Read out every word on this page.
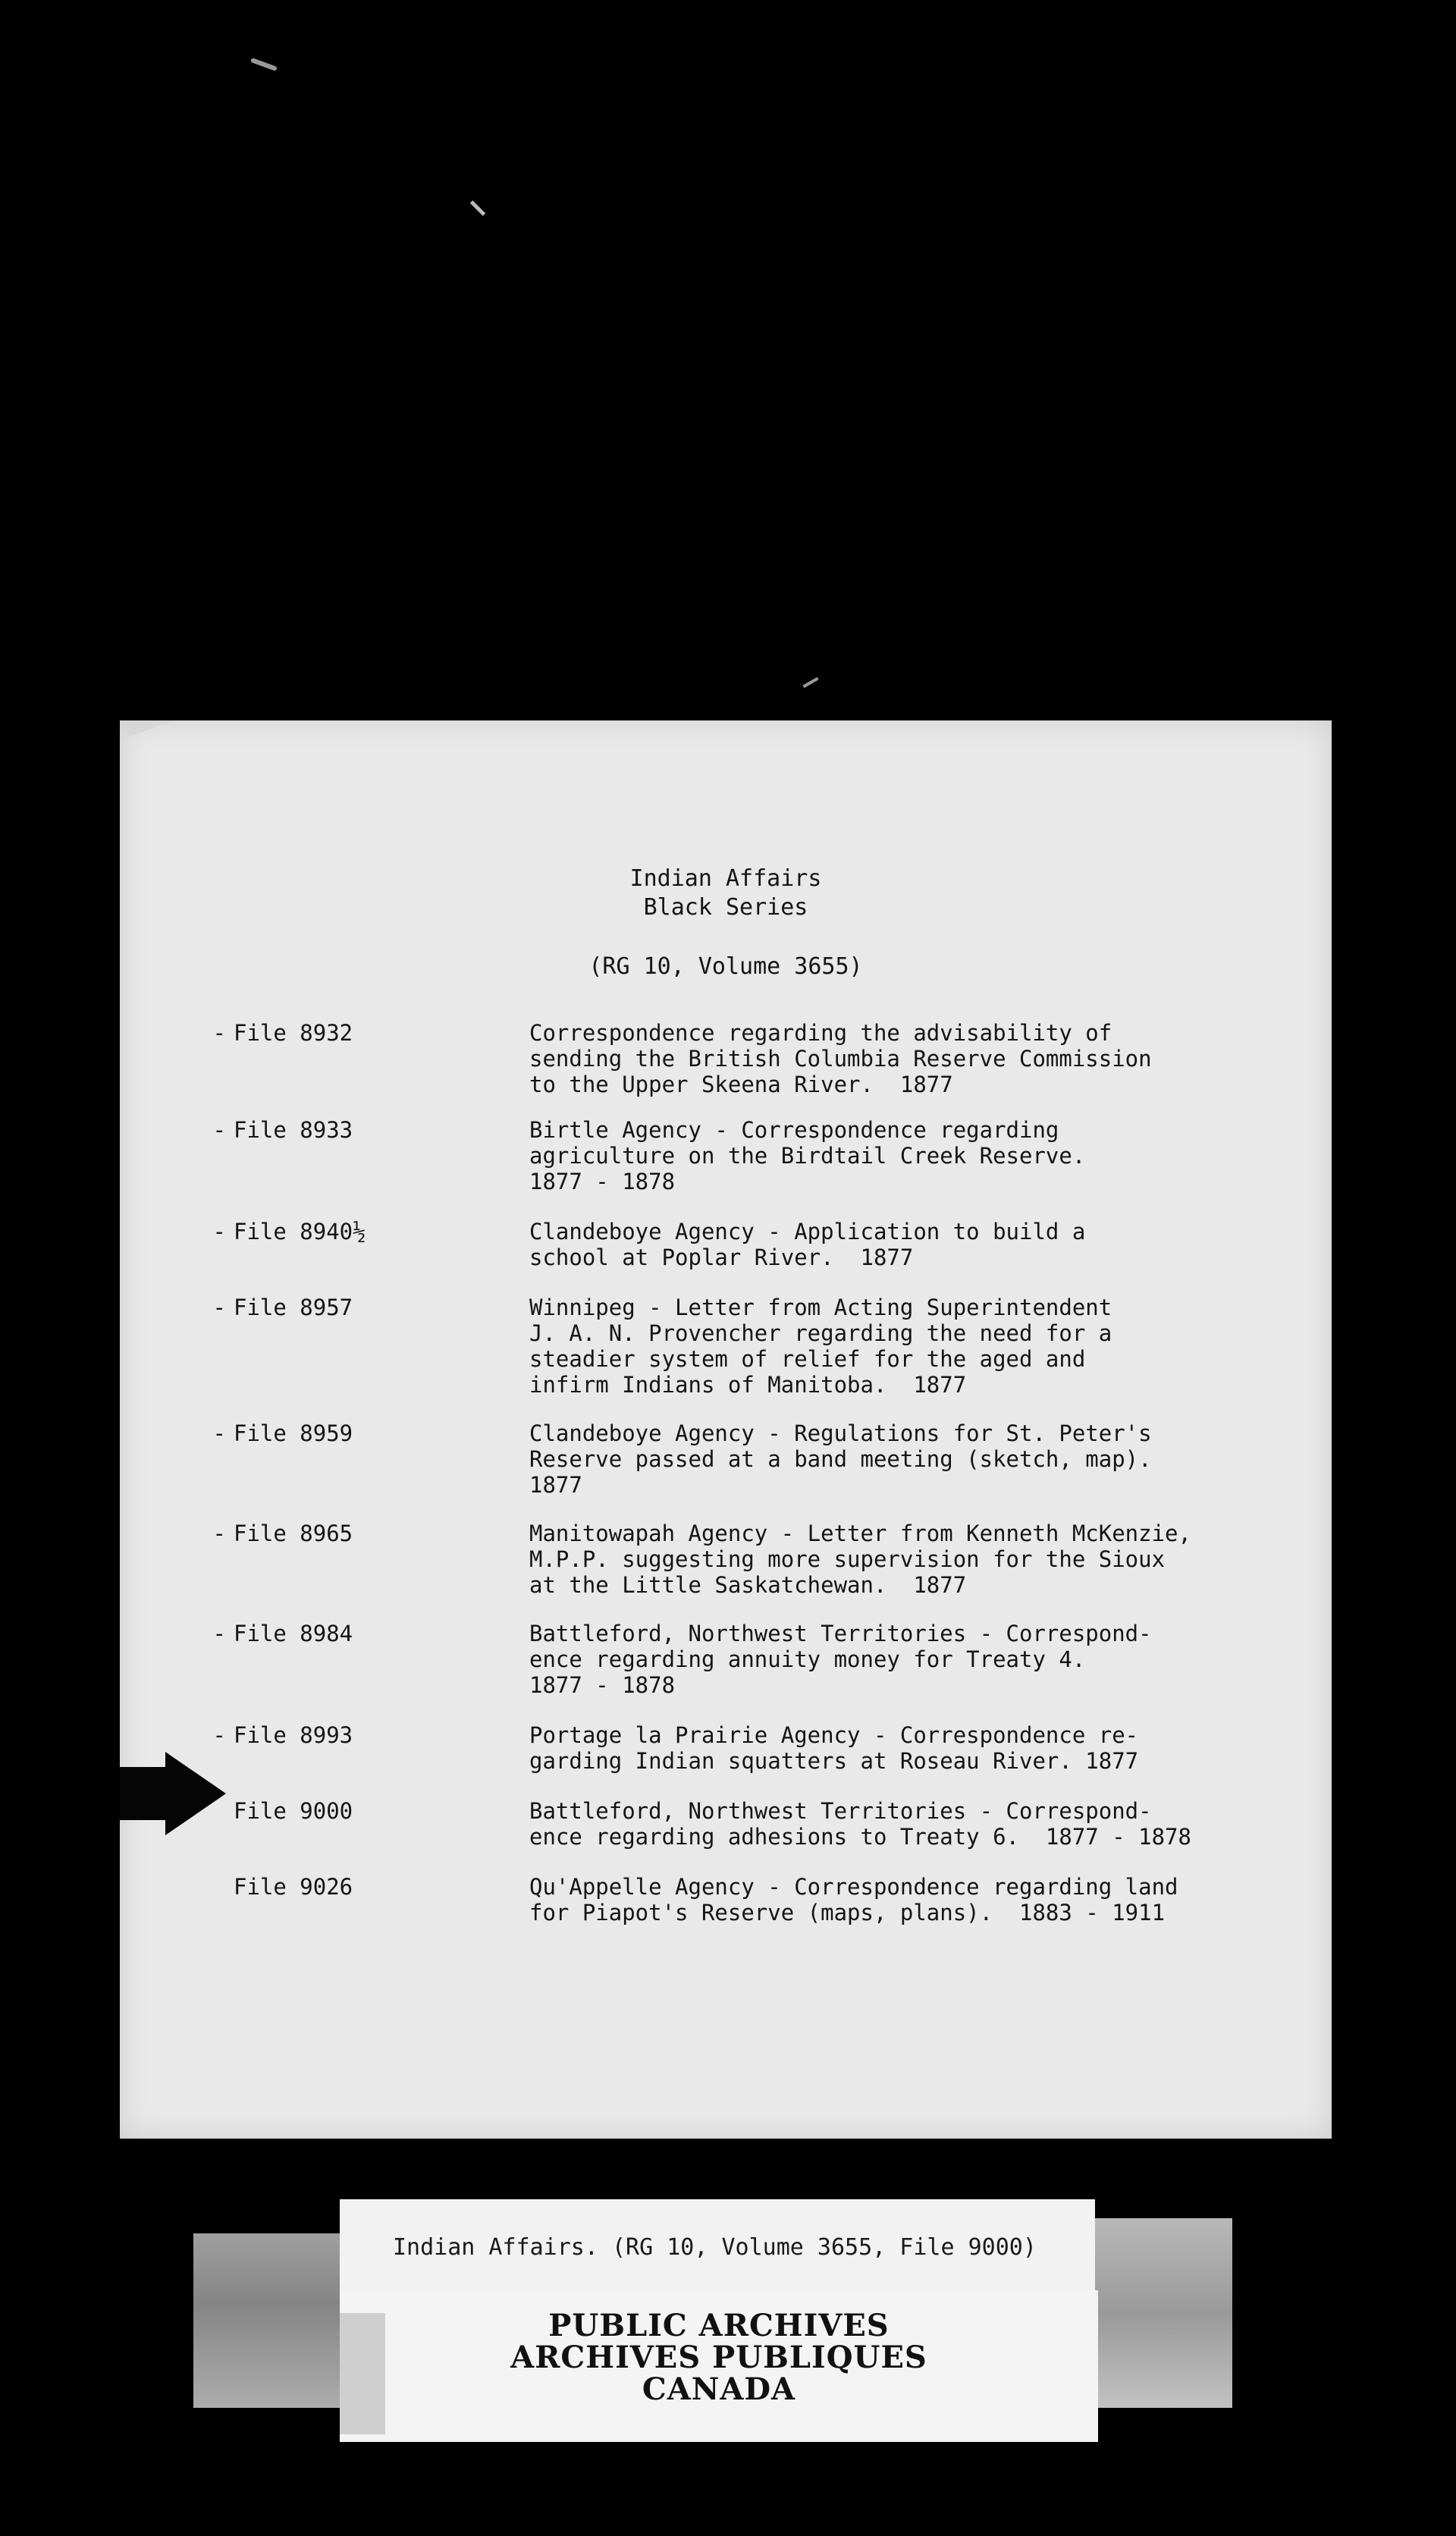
Indian Affairs
Black Series
(RG 10, Volume 3655)
- File 8932	Correspondence regarding the advisability of
sending the British Columbia Reserve Commission
to the Upper Skeena River.  1877
- File 8933	Birtle Agency - Correspondence regarding
agriculture on the Birdtail Creek Reserve.
1877 - 1878
- File 8940½	Clandeboye Agency - Application to build a
school at Poplar River.  1877
- File 8957	Winnipeg - Letter from Acting Superintendent
J. A. N. Provencher regarding the need for a
steadier system of relief for the aged and
infirm Indians of Manitoba.  1877
- File 8959	Clandeboye Agency - Regulations for St. Peter's
Reserve passed at a band meeting (sketch, map).
1877
- File 8965	Manitowapah Agency - Letter from Kenneth McKenzie,
M.P.P. suggesting more supervision for the Sioux
at the Little Saskatchewan.  1877
- File 8984	Battleford, Northwest Territories - Correspond-
ence regarding annuity money for Treaty 4.
1877 - 1878
- File 8993	Portage la Prairie Agency - Correspondence re-
garding Indian squatters at Roseau River. 1877
File 9000	Battleford, Northwest Territories - Correspond-
ence regarding adhesions to Treaty 6.  1877 - 1878
File 9026	Qu'Appelle Agency - Correspondence regarding land
for Piapot's Reserve (maps, plans).  1883 - 1911
Indian Affairs. (RG 10, Volume 3655, File 9000)
PUBLIC ARCHIVES
ARCHIVES PUBLIQUES
CANADA
